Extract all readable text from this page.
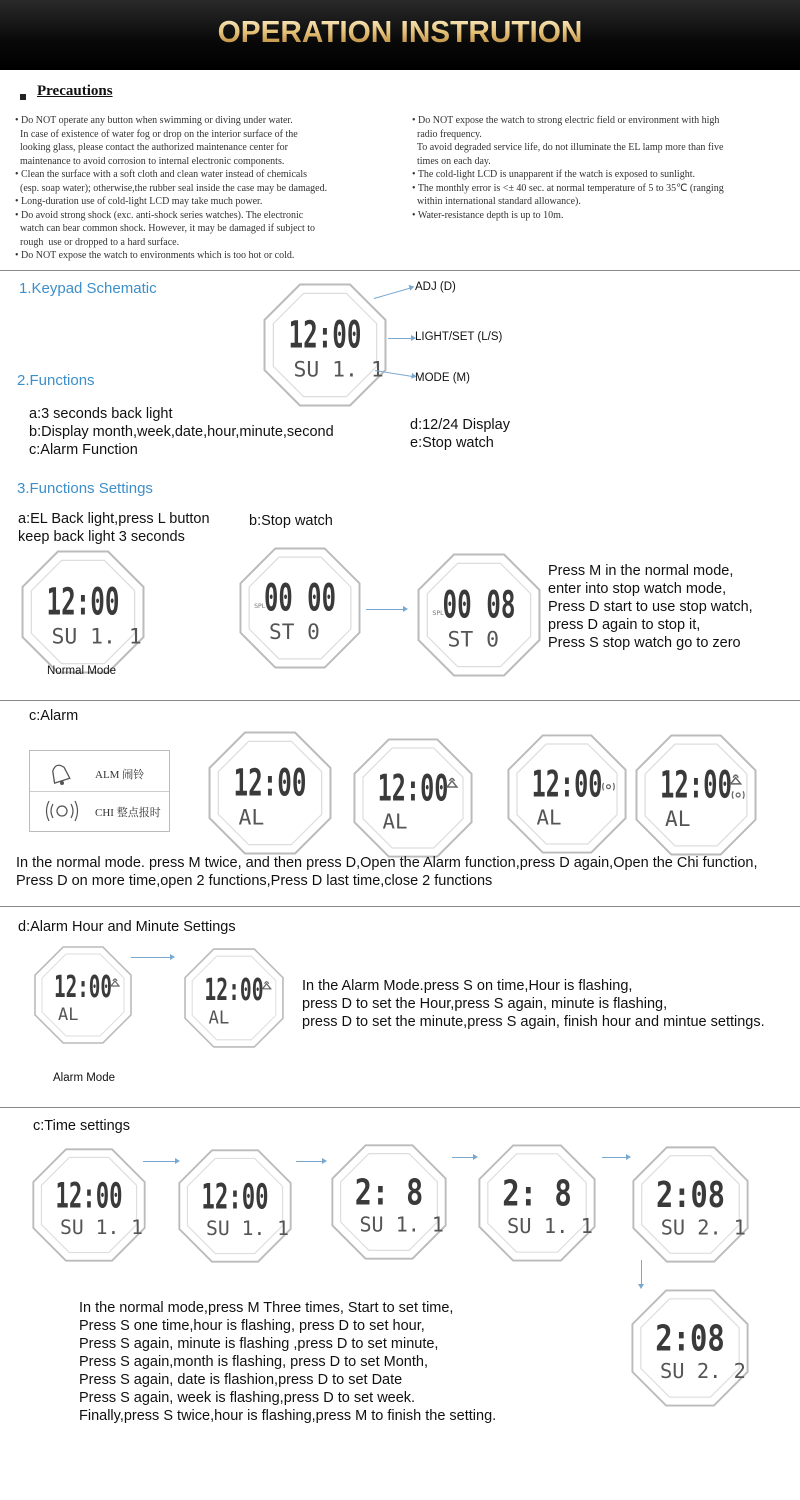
OPERATION INSTRUTION
Precautions
• Do NOT operate any button when swimming or diving under water.
In case of existence of water fog or drop on the interior surface of the
looking glass, please contact the authorized maintenance center for
maintenance to avoid corrosion to internal electronic components.
• Clean the surface with a soft cloth and clean water instead of chemicals
(esp. soap water); otherwise,the rubber seal inside the case may be damaged.
• Long-duration use of cold-light LCD may take much power.
• Do avoid strong shock (exc. anti-shock series watches). The electronic
watch can bear common shock. However, it may be damaged if subject to
rough  use or dropped to a hard surface.
• Do NOT expose the watch to environments which is too hot or cold.
• Do NOT expose the watch to strong electric field or environment with high
radio frequency.
To avoid degraded service life, do not illuminate the EL lamp more than five
times on each day.
• The cold-light LCD is unapparent if the watch is exposed to sunlight.
• The monthly error is <± 40 sec. at normal temperature of 5 to 35℃ (ranging
within international standard allowance).
• Water-resistance depth is up to 10m.
1.Keypad Schematic
12:00
SU 1. 1
ADJ (D)
LIGHT/SET (L/S)
MODE (M)
2.Functions
a:3 seconds back light
b:Display month,week,date,hour,minute,second
c:Alarm Function
d:12/24 Display
e:Stop watch
3.Functions Settings
a:EL Back light,press L button
keep back light 3 seconds
b:Stop watch
12:00
SU 1. 1
Normal Mode
00 00
ST 0
SPL	00 08
ST 0
SPL
Press M in the normal mode,
enter into stop watch mode,
Press D start to use stop watch,
press D again to stop it,
Press S stop watch go to zero
c:Alarm
ALM 闹铃
CHI 整点报时
12:00
AL
12:00
AL
12:00
AL
12:00
AL
In the normal mode. press M twice, and then press D,Open the Alarm function,press D again,Open the Chi function,
Press D on more time,open 2 functions,Press D last time,close 2 functions
d:Alarm Hour and Minute Settings
12:00
AL
12:00
AL
Alarm Mode
In the Alarm Mode.press S on time,Hour is flashing,
press D to set the Hour,press S again, minute is flashing,
press D to set the minute,press S again, finish hour and mintue settings.
c:Time settings
12:00
SU 1. 1
12:00
SU 1. 1
2: 8
SU 1. 1
2: 8
SU 1. 1
2:08
SU 2. 1
2:08
SU 2. 2
In the normal mode,press M Three times, Start to set time,
Press S one time,hour is flashing, press D to set hour,
Press S again, minute is flashing ,press D to set minute,
Press S again,month is flashing, press D to set Month,
Press S again, date is flashion,press D to set Date
Press S again, week is flashing,press D to set week.
Finally,press S twice,hour is flashing,press M to finish the setting.
